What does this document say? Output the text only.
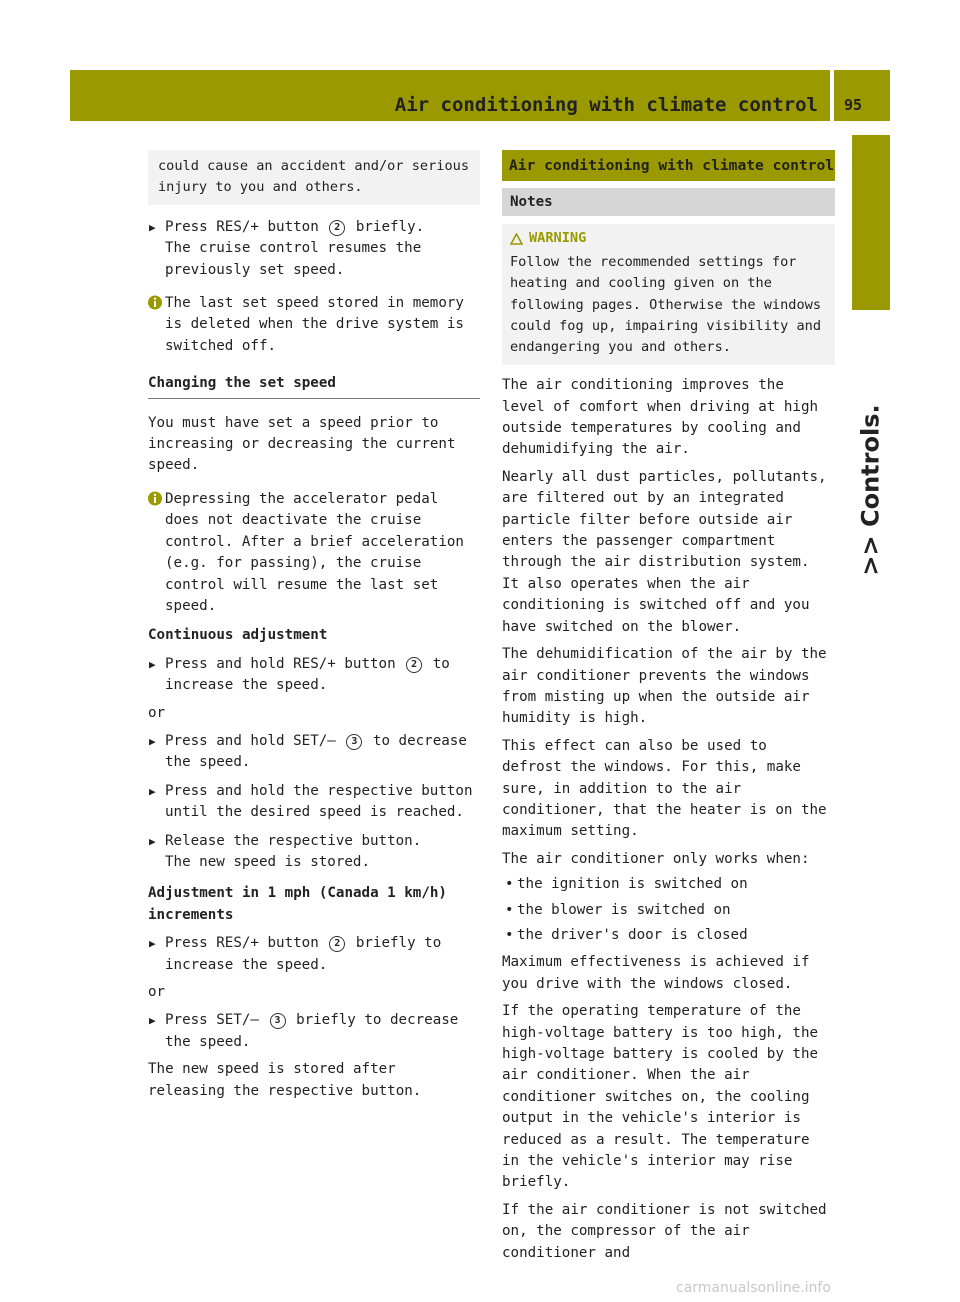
Air conditioning with climate control 95
>> Controls.

could cause an accident and/or serious injury to you and others.

▶ Press RES/+ button 2 briefly.
The cruise control resumes the previously set speed.
The last set speed stored in memory is deleted when the drive system is switched off.
Changing the set speed

You must have set a speed prior to increasing or decreasing the current speed.

Depressing the accelerator pedal does not deactivate the cruise control. After a brief acceleration (e.g. for passing), the cruise control will resume the last set speed.
Continuous adjustment
▶ Press and hold RES/+ button 2 to increase the speed.

or

▶ Press and hold SET/– 3 to decrease the speed.
▶ Press and hold the respective button until the desired speed is reached.
▶ Release the respective button.
The new speed is stored.
Adjustment in 1 mph (Canada 1 km/h) increments
▶ Press RES/+ button 2 briefly to increase the speed.

or

▶ Press SET/– 3 briefly to decrease the speed.

The new speed is stored after releasing the respective button.

Air conditioning with climate control
Notes
WARNING

Follow the recommended settings for heating and cooling given on the following pages. Otherwise the windows could fog up, impairing visibility and endangering you and others.

The air conditioning improves the level of comfort when driving at high outside temperatures by cooling and dehumidifying the air.

Nearly all dust particles, pollutants, are filtered out by an integrated particle filter before outside air enters the passenger compartment through the air distribution system. It also operates when the air conditioning is switched off and you have switched on the blower.

The dehumidification of the air by the air conditioner prevents the windows from misting up when the outside air humidity is high.

This effect can also be used to defrost the windows. For this, make sure, in addition to the air conditioner, that the heater is on the maximum setting.

The air conditioner only works when:

• the ignition is switched on
• the blower is switched on
• the driver's door is closed

Maximum effectiveness is achieved if you drive with the windows closed.

If the operating temperature of the high-voltage battery is too high, the high-voltage battery is cooled by the air conditioner. When the air conditioner switches on, the cooling output in the vehicle's interior is reduced as a result. The temperature in the vehicle's interior may rise briefly.

If the air conditioner is not switched on, the compressor of the air conditioner and

carmanualsonline.info
